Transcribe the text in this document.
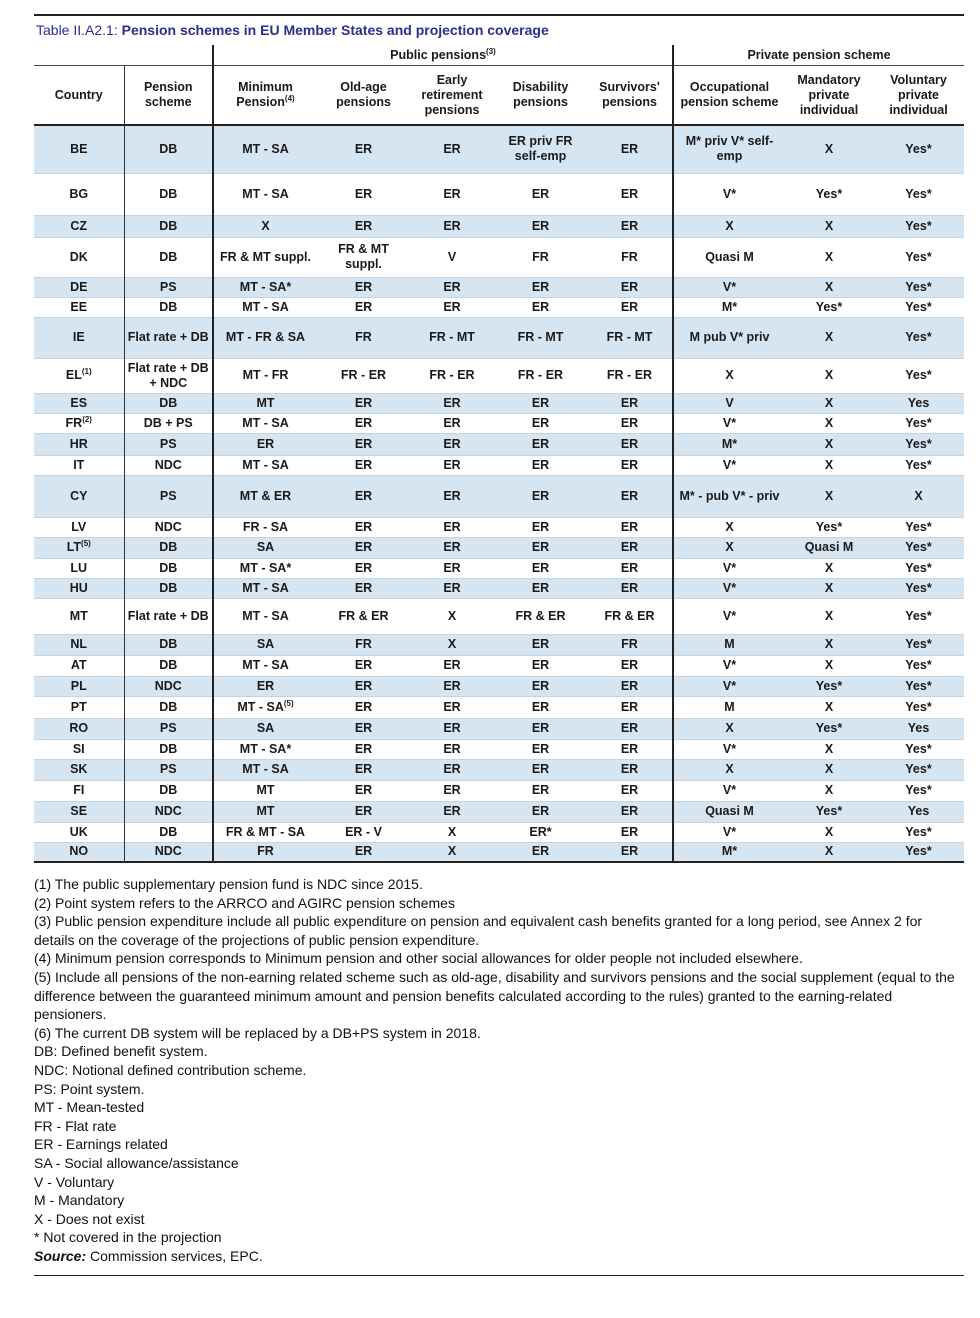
Table II.A2.1: Pension schemes in EU Member States and projection coverage
		Public pensions$^{(3)}$					Private pension scheme		
Country	Pension scheme	Minimum Pension$^{(4)}$	Old-age pensions	Early retirement pensions	Disability pensions	Survivors' pensions	Occupational pension scheme	Mandatory private individual	Voluntary private individual
BE	DB	MT - SA	ER	ER	ER priv FR self-emp	ER	M* priv V* self-emp	X	Yes*
BG	DB	MT - SA	ER	ER	ER	ER	V*	Yes*	Yes*
CZ	DB	X	ER	ER	ER	ER	X	X	Yes*
DK	DB	FR & MT suppl.	FR & MT suppl.	V	FR	FR	Quasi M	X	Yes*
DE	PS	MT - SA*	ER	ER	ER	ER	V*	X	Yes*
EE	DB	MT - SA	ER	ER	ER	ER	M*	Yes*	Yes*
IE	Flat rate + DB	MT - FR & SA	FR	FR - MT	FR - MT	FR - MT	M pub V* priv	X	Yes*
EL$^{(1)}$	Flat rate + DB + NDC	MT - FR	FR - ER	FR - ER	FR - ER	FR - ER	X	X	Yes*
ES	DB	MT	ER	ER	ER	ER	V	X	Yes
FR$^{(2)}$	DB + PS	MT - SA	ER	ER	ER	ER	V*	X	Yes*
HR	PS	ER	ER	ER	ER	ER	M*	X	Yes*
IT	NDC	MT - SA	ER	ER	ER	ER	V*	X	Yes*
CY	PS	MT & ER	ER	ER	ER	ER	M* - pub V* - priv	X	X
LV	NDC	FR - SA	ER	ER	ER	ER	X	Yes*	Yes*
LT$^{(5)}$	DB	SA	ER	ER	ER	ER	X	Quasi M	Yes*
LU	DB	MT - SA*	ER	ER	ER	ER	V*	X	Yes*
HU	DB	MT - SA	ER	ER	ER	ER	V*	X	Yes*
MT	Flat rate + DB	MT - SA	FR & ER	X	FR & ER	FR & ER	V*	X	Yes*
NL	DB	SA	FR	X	ER	FR	M	X	Yes*
AT	DB	MT - SA	ER	ER	ER	ER	V*	X	Yes*
PL	NDC	ER	ER	ER	ER	ER	V*	Yes*	Yes*
PT	DB	MT - SA$^{(5)}$	ER	ER	ER	ER	M	X	Yes*
RO	PS	SA	ER	ER	ER	ER	X	Yes*	Yes
SI	DB	MT - SA*	ER	ER	ER	ER	V*	X	Yes*
SK	PS	MT - SA	ER	ER	ER	ER	X	X	Yes*
FI	DB	MT	ER	ER	ER	ER	V*	X	Yes*
SE	NDC	MT	ER	ER	ER	ER	Quasi M	Yes*	Yes
UK	DB	FR & MT - SA	ER - V	X	ER*	ER	V*	X	Yes*
NO	NDC	FR	ER	X	ER	ER	M*	X	Yes*
(1) The public supplementary pension fund is NDC since 2015.
(2) Point system refers to the ARRCO and AGIRC pension schemes
(3) Public pension expenditure include all public expenditure on pension and equivalent cash benefits granted for a long period, see Annex 2 for details on the coverage of the projections of public pension expenditure.
(4) Minimum pension corresponds to Minimum pension and other social allowances for older people not included elsewhere.
(5) Include all pensions of the non-earning related scheme such as old-age, disability and survivors pensions and the social supplement (equal to the difference between the guaranteed minimum amount and pension benefits calculated according to the rules) granted to the earning-related pensioners.
(6) The current DB system will be replaced by a DB+PS system in 2018.
DB: Defined benefit system.
NDC: Notional defined contribution scheme.
PS: Point system.
MT - Mean-tested
FR - Flat rate
ER - Earnings related
SA - Social allowance/assistance
V - Voluntary
M - Mandatory
X - Does not exist
* Not covered in the projection
Source: Commission services, EPC.
